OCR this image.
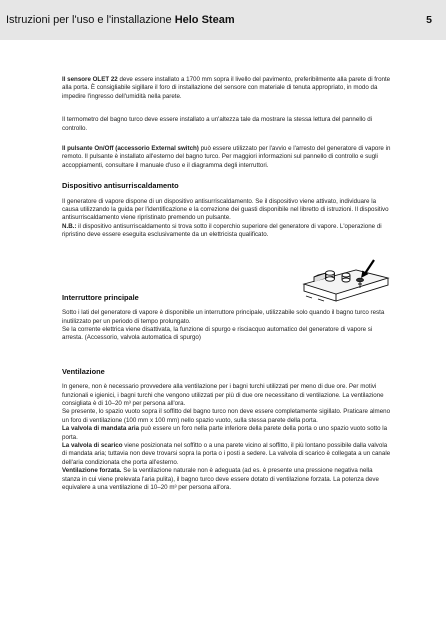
Istruzioni per l'uso e l'installazione Helo Steam	5

Il sensore OLET 22 deve essere installato a 1700 mm sopra il livello del pavimento, preferibilmente alla parete di fronte alla porta. È consigliabile sigillare il foro di installazione del sensore con materiale di tenuta appropriato, in modo da impedire l'ingresso dell'umidità nella parete.

Il termometro del bagno turco deve essere installato a un'altezza tale da mostrare la stessa lettura del pannello di controllo.

Il pulsante On/Off (accessorio External switch) può essere utilizzato per l'avvio e l'arresto del generatore di vapore in remoto. Il pulsante è installato all'esterno del bagno turco. Per maggiori informazioni sul pannello di controllo e sugli accoppiamenti, consultare il manuale d'uso e il diagramma degli interruttori.

Dispositivo antisurriscaldamento

Il generatore di vapore dispone di un dispositivo antisurriscaldamento. Se il dispositivo viene attivato, individuare la causa utilizzando la guida per l'identificazione e la correzione dei guasti disponibile nel libretto di istruzioni. Il dispositivo antisurriscaldamento viene ripristinato premendo un pulsante.
N.B.: il dispositivo antisurriscaldamento si trova sotto il coperchio superiore del generatore di vapore. L'operazione di ripristino deve essere eseguita esclusivamente da un elettricista qualificato.

Interruttore principale

Sotto i lati del generatore di vapore è disponibile un interruttore principale, utilizzabile solo quando il bagno turco resta inutilizzato per un periodo di tempo prolungato.
Se la corrente elettrica viene disattivata, la funzione di spurgo e risciacquo automatico del generatore di vapore si arresta. (Accessorio, valvola automatica di spurgo)

Ventilazione

In genere, non è necessario provvedere alla ventilazione per i bagni turchi utilizzati per meno di due ore. Per motivi funzionali e igienici, i bagni turchi che vengono utilizzati per più di due ore necessitano di ventilazione. La ventilazione consigliata è di 10–20 m³ per persona all'ora.
Se presente, lo spazio vuoto sopra il soffitto del bagno turco non deve essere completamente sigillato. Praticare almeno un foro di ventilazione (100 mm x 100 mm) nello spazio vuoto, sulla stessa parete della porta.
La valvola di mandata aria può essere un foro nella parte inferiore della parete della porta o uno spazio vuoto sotto la porta.
La valvola di scarico viene posizionata nel soffitto o a una parete vicino al soffitto, il più lontano possibile dalla valvola di mandata aria; tuttavia non deve trovarsi sopra la porta o i posti a sedere. La valvola di scarico è collegata a un canale dell'aria condizionata che porta all'esterno.
Ventilazione forzata. Se la ventilazione naturale non è adeguata (ad es. è presente una pressione negativa nella stanza in cui viene prelevata l'aria pulita), il bagno turco deve essere dotato di ventilazione forzata. La potenza deve equivalere a una ventilazione di 10–20 m³ per persona all'ora.
